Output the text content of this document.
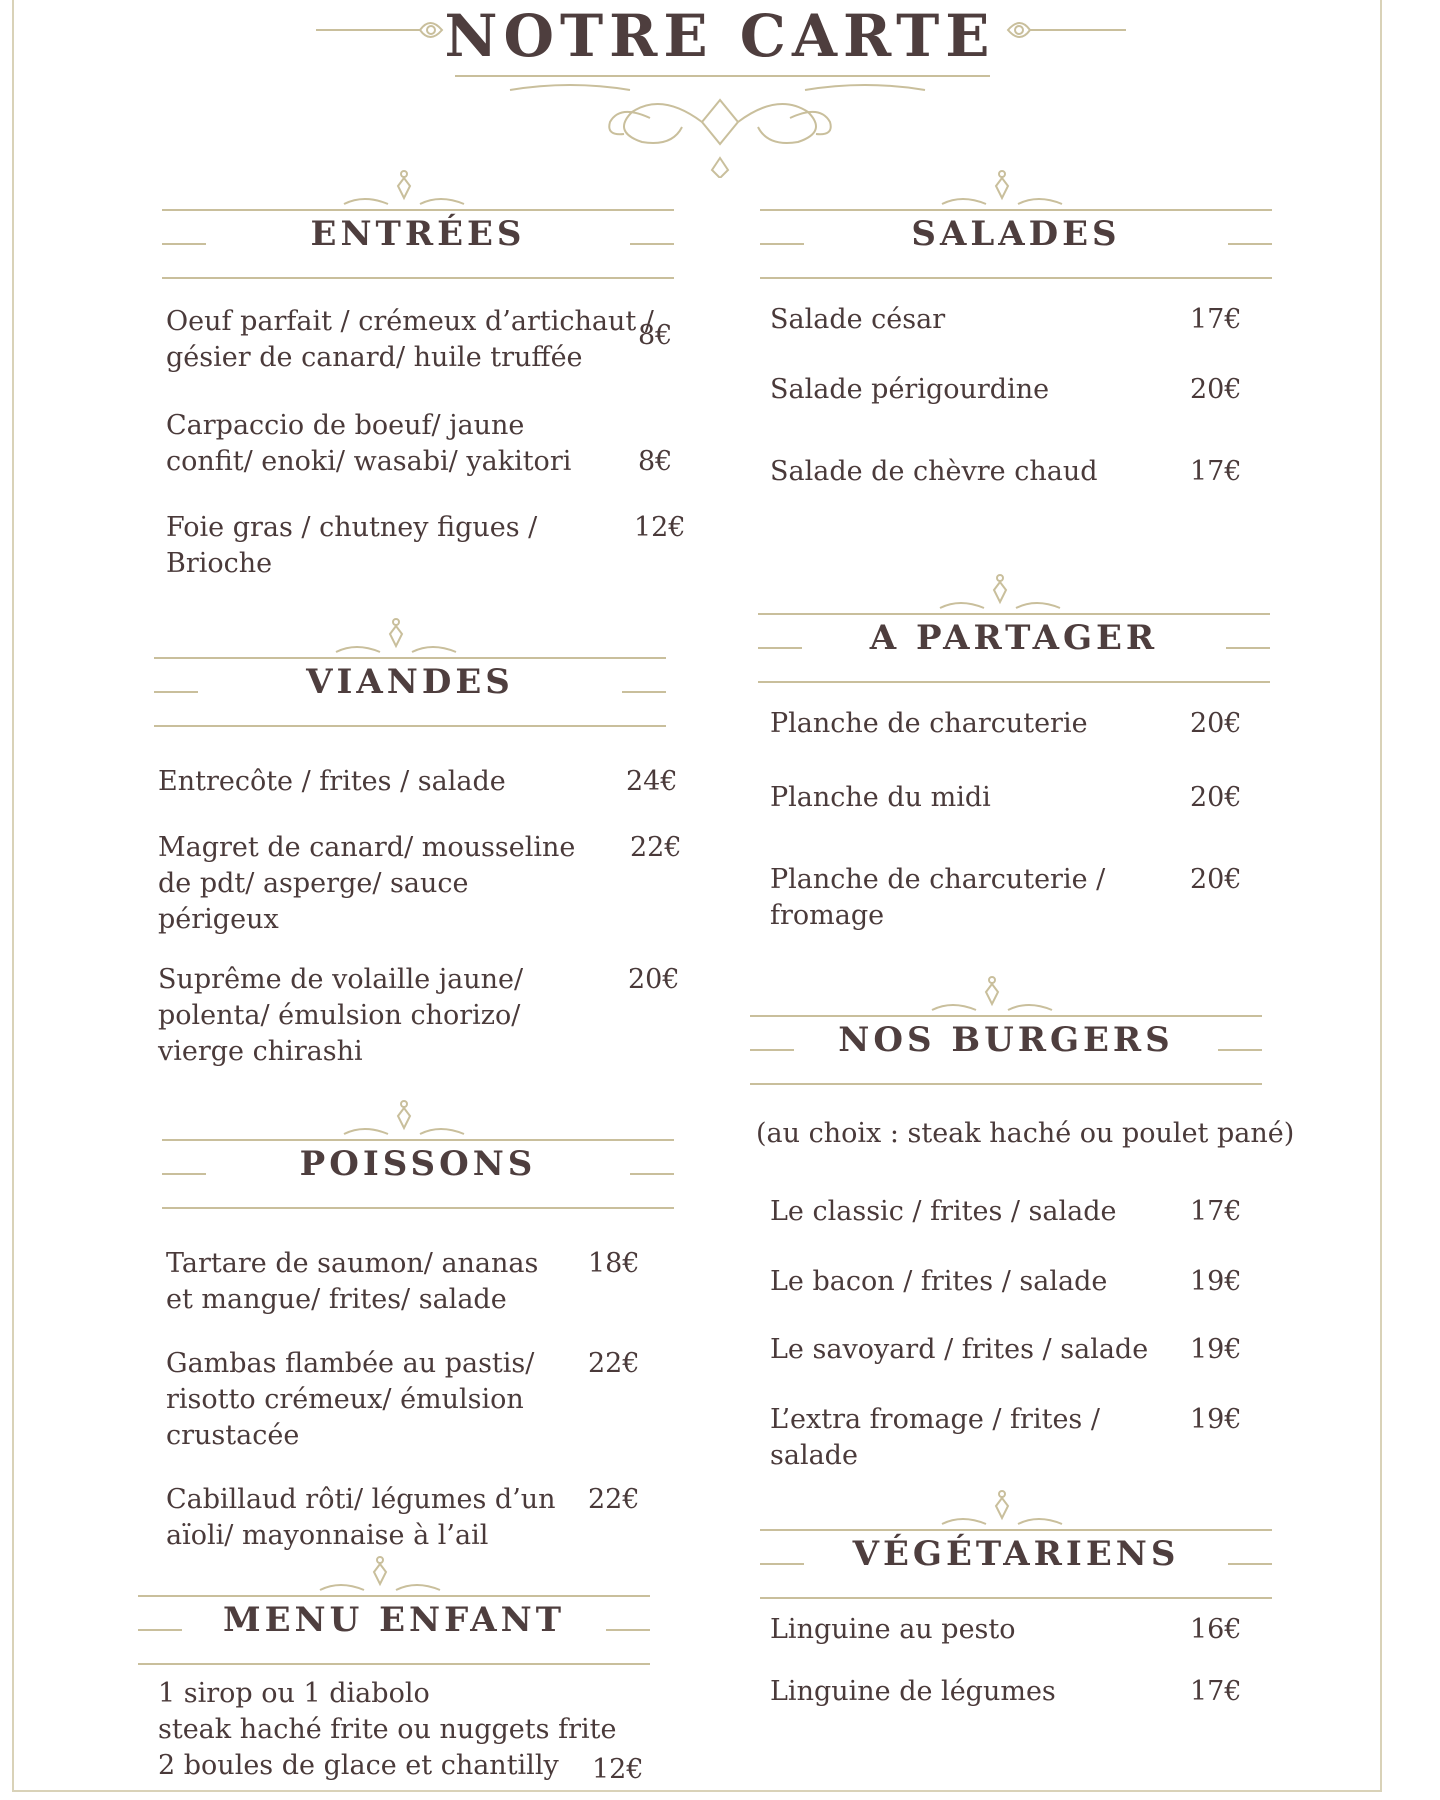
NOTRE CARTE
ENTRÉES
Oeuf parfait / crémeux d’artichaut /
gésier de canard/ huile truffée
8€
Carpaccio de boeuf/ jaune
confit/ enoki/ wasabi/ yakitori 8€
Foie gras / chutney figues /
Brioche
12€
VIANDES
Entrecôte / frites / salade	24€
Magret de canard/ mousseline
de pdt/ asperge/ sauce
périgeux
22€
Suprême de volaille jaune/
polenta/ émulsion chorizo/
vierge chirashi
20€
POISSONS
Tartare de saumon/ ananas
et mangue/ frites/ salade
18€
Gambas flambée au pastis/
risotto crémeux/ émulsion
crustacée
22€
Cabillaud rôti/ légumes d’un
aïoli/ mayonnaise à l’ail
22€
MENU ENFANT
1 sirop ou 1 diabolo
steak haché frite ou nuggets frite
2 boules de glace et chantilly	12€
SALADES
Salade césar	17€
Salade périgourdine	20€
Salade de chèvre chaud	17€
A PARTAGER
Planche de charcuterie	20€
Planche du midi	20€
Planche de charcuterie /
fromage
20€
NOS BURGERS
(au choix : steak haché ou poulet pané)
Le classic / frites / salade	17€
Le bacon / frites / salade	19€
Le savoyard / frites / salade 19€
L’extra fromage / frites /
salade
19€
VÉGÉTARIENS
Linguine au pesto	16€
Linguine de légumes	17€
